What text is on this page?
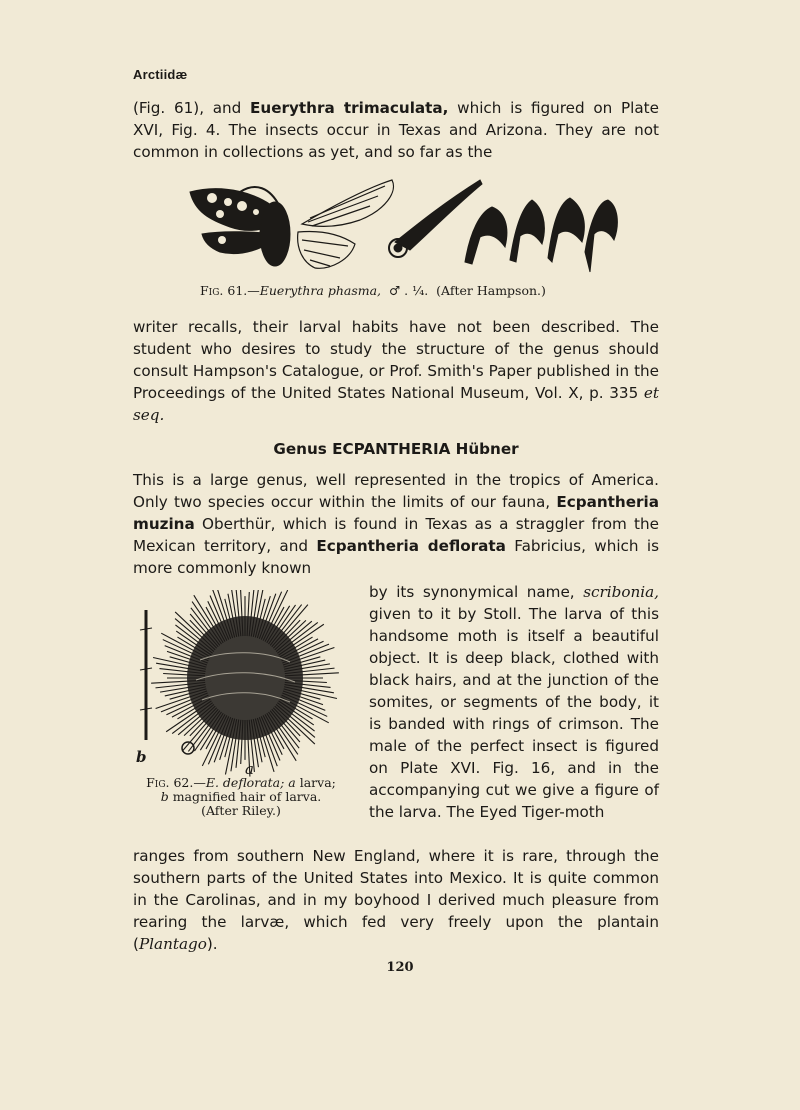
Arctiidæ

(Fig. 61), and Euerythra trimaculata, which is figured on Plate XVI, Fig. 4. The insects occur in Texas and Arizona. They are not common in collections as yet, and so far as the

Fig. 61.—Euerythra phasma, ♂ . ¼. (After Hampson.)

writer recalls, their larval habits have not been described. The student who desires to study the structure of the genus should consult Hampson's Catalogue, or Prof. Smith's Paper published in the Proceedings of the United States National Museum, Vol. X, p. 335 et seq.

Genus ECPANTHERIA Hübner

This is a large genus, well represented in the tropics of America. Only two species occur within the limits of our fauna, Ecpantheria muzina Oberthür, which is found in Texas as a straggler from the Mexican territory, and Ecpantheria deflorata Fabricius, which is more commonly known

b
a
Fig. 62.—E. deflorata; a larva;
b magnified hair of larva.
(After Riley.)
by its synonymical name, scribonia, given to it by Stoll. The larva of this handsome moth is itself a beautiful object. It is deep black, clothed with black hairs, and at the junction of the somites, or segments of the body, it is banded with rings of crimson. The male of the perfect insect is figured on Plate XVI. Fig. 16, and in the accompanying cut we give a figure of the larva. The Eyed Tiger-moth

ranges from southern New England, where it is rare, through the southern parts of the United States into Mexico. It is quite common in the Carolinas, and in my boyhood I derived much pleasure from rearing the larvæ, which fed very freely upon the plantain (Plantago).

120
